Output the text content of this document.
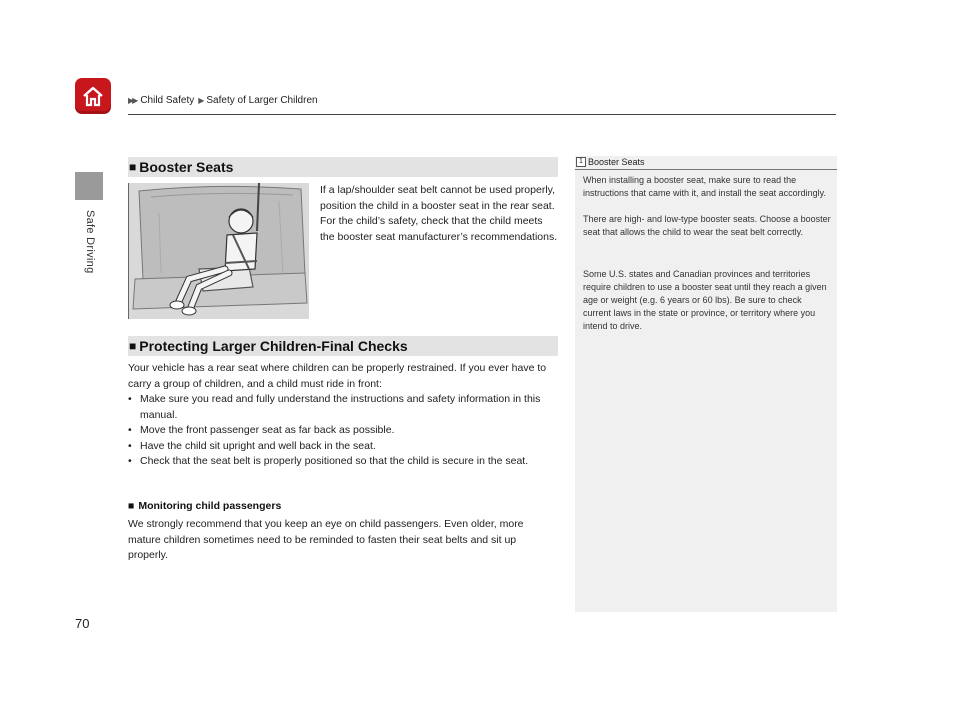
Safe Driving
▶▶ Child Safety ▶ Safety of Larger Children
■ Booster Seats
If a lap/shoulder seat belt cannot be used properly, position the child in a booster seat in the rear seat. For the child’s safety, check that the child meets the booster seat manufacturer’s recommendations.
■ Protecting Larger Children-Final Checks
Your vehicle has a rear seat where children can be properly restrained. If you ever have to carry a group of children, and a child must ride in front:
• Make sure you read and fully understand the instructions and safety information in this manual.
• Move the front passenger seat as far back as possible.
• Have the child sit upright and well back in the seat.
• Check that the seat belt is properly positioned so that the child is secure in the seat.
■ Monitoring child passengers
We strongly recommend that you keep an eye on child passengers. Even older, more mature children sometimes need to be reminded to fasten their seat belts and sit up properly.
1 Booster Seats
When installing a booster seat, make sure to read the instructions that came with it, and install the seat accordingly.
There are high- and low-type booster seats. Choose a booster seat that allows the child to wear the seat belt correctly.
Some U.S. states and Canadian provinces and territories require children to use a booster seat until they reach a given age or weight (e.g. 6 years or 60 lbs). Be sure to check current laws in the state or province, or territory where you intend to drive.
70
